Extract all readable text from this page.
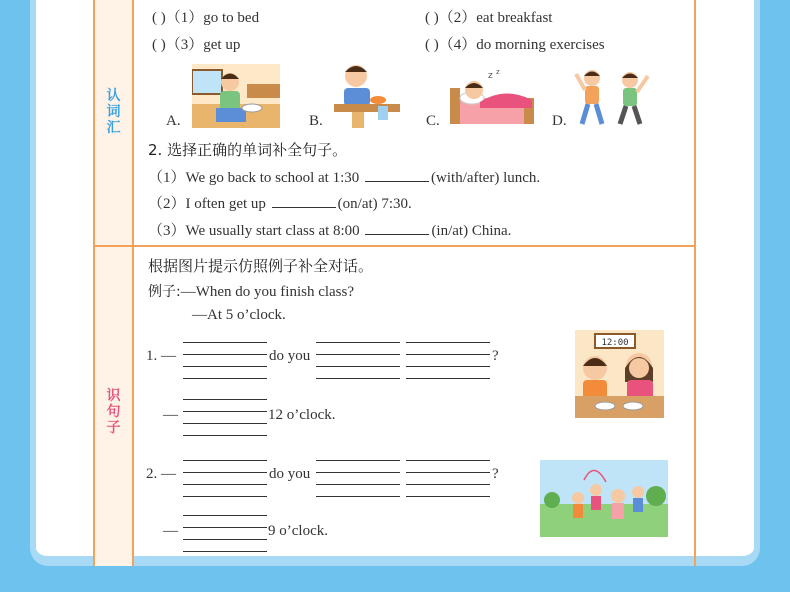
认
词
汇
识
句
子
( )（1）go to bed	( )（2）eat breakfast
( )（3）get up	( )（4）do morning exercises
A.	B.	C.
z z
D.
2. 选择正确的单词补全句子。
（1）We go back to school at 1:30	(with/after) lunch.
（2）I often get up	(on/at) 7:30.
（3）We usually start class at 8:00	(in/at) China.
根据图片提示仿照例子补全对话。
例子:—When do you finish class?
—At 5 o’clock.
1. —	do you	?
—	12 o’clock.
12:00
2. —	do you	?
—	9 o’clock.
